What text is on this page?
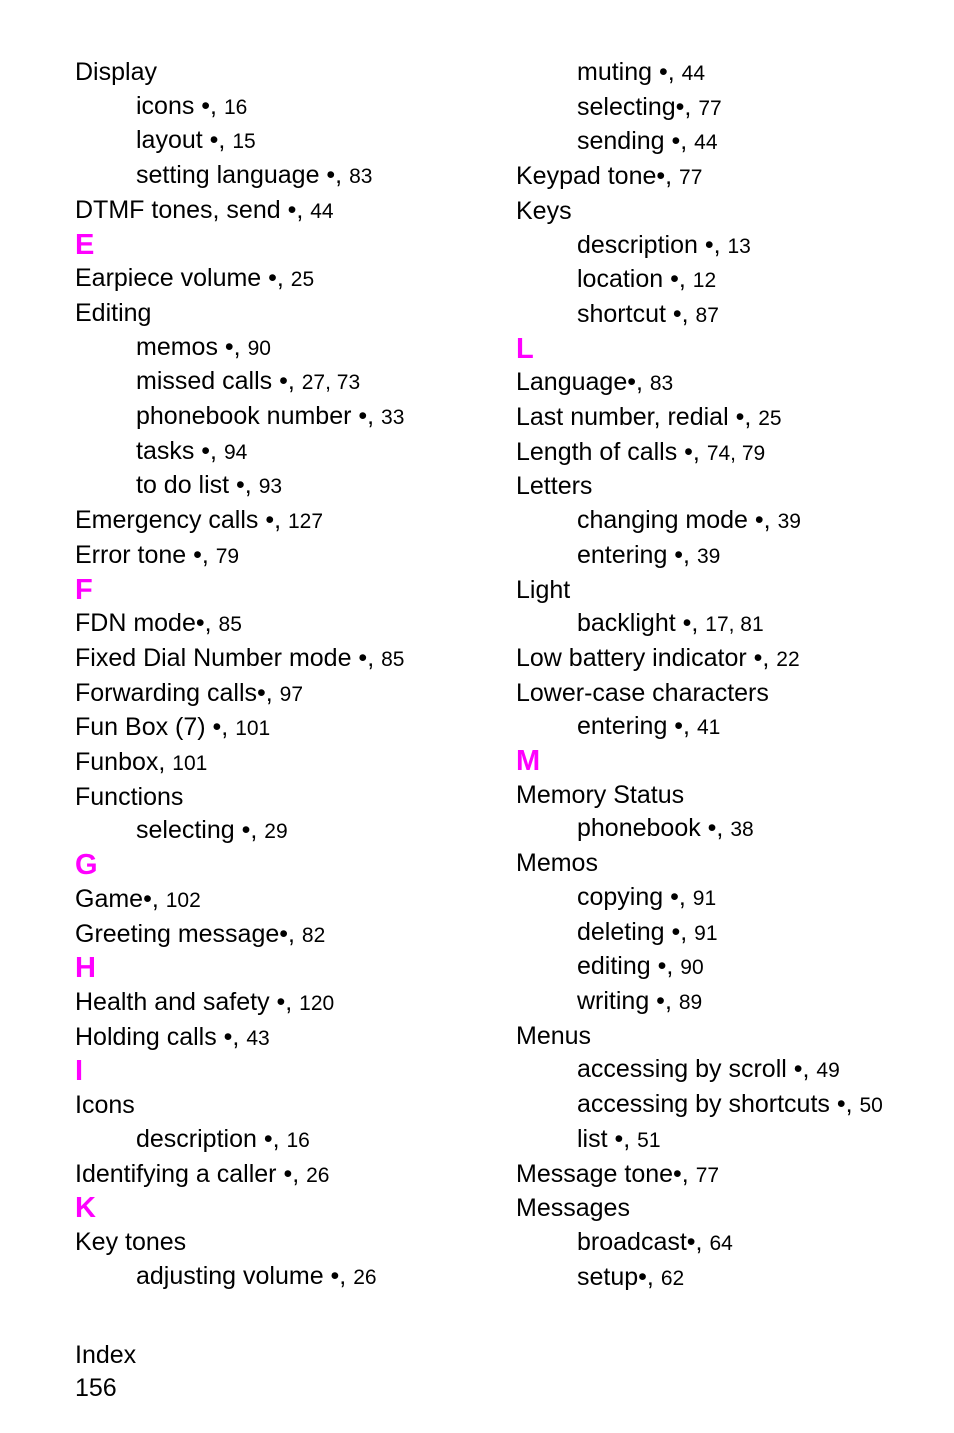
Display
icons •, 16
layout •, 15
setting language •, 83
DTMF tones, send •, 44
E
Earpiece volume •, 25
Editing
memos •, 90
missed calls •, 27, 73
phonebook number •, 33
tasks •, 94
to do list •, 93
Emergency calls •, 127
Error tone •, 79
F
FDN mode•, 85
Fixed Dial Number mode •, 85
Forwarding calls•, 97
Fun Box (7) •, 101
Funbox, 101
Functions
selecting •, 29
G
Game•, 102
Greeting message•, 82
H
Health and safety •, 120
Holding calls •, 43
I
Icons
description •, 16
Identifying a caller •, 26
K
Key tones
adjusting volume •, 26
muting •, 44
selecting•, 77
sending •, 44
Keypad tone•, 77
Keys
description •, 13
location •, 12
shortcut •, 87
L
Language•, 83
Last number, redial •, 25
Length of calls •, 74, 79
Letters
changing mode •, 39
entering •, 39
Light
backlight •, 17, 81
Low battery indicator •, 22
Lower-case characters
entering •, 41
M
Memory Status
phonebook •, 38
Memos
copying •, 91
deleting •, 91
editing •, 90
writing •, 89
Menus
accessing by scroll •, 49
accessing by shortcuts •, 50
list •, 51
Message tone•, 77
Messages
broadcast•, 64
setup•, 62
Index
156
